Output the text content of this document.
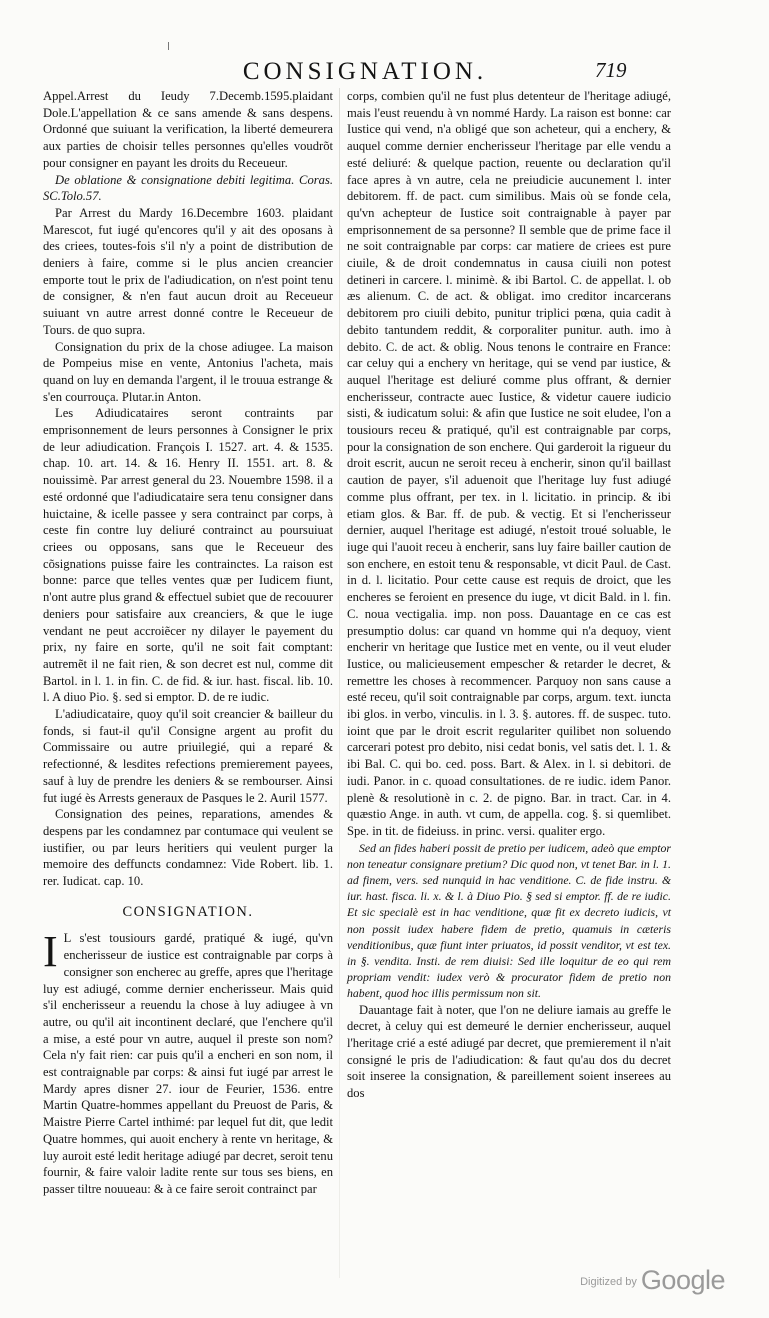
CONSIGNATION.	719

Appel.Arrest du Ieudy 7.Decemb.1595.plaidant Dole.L'appellation & ce sans amende & sans despens. Ordonné que suiuant la verification, la liberté demeurera aux parties de choisir telles personnes qu'elles voudrõt pour consigner en payant les droits du Receueur.

De oblatione & consignatione debiti legitima. Coras. SC.Tolo.57.

Par Arrest du Mardy 16.Decembre 1603. plaidant Marescot, fut iugé qu'encores qu'il y ait des oposans à des criees, toutes-fois s'il n'y a point de distribution de deniers à faire, comme si le plus ancien creancier emporte tout le prix de l'adiudication, on n'est point tenu de consigner, & n'en faut aucun droit au Receueur suiuant vn autre arrest donné contre le Receueur de Tours. de quo supra.

Consignation du prix de la chose adiugee. La maison de Pompeius mise en vente, Antonius l'acheta, mais quand on luy en demanda l'argent, il le trouua estrange & s'en courrouça. Plutar.in Anton.

Les Adiudicataires seront contraints par emprisonnement de leurs personnes à Consigner le prix de leur adiudication. François I. 1527. art. 4. & 1535. chap. 10. art. 14. & 16. Henry II. 1551. art. 8. & nouissimè. Par arrest general du 23. Nouembre 1598. il a esté ordonné que l'adiudicataire sera tenu consigner dans huictaine, & icelle passee y sera contrainct par corps, à ceste fin contre luy deliuré contrainct au poursuiuat criees ou opposans, sans que le Receueur des cõsignations puisse faire les contrainctes. La raison est bonne: parce que telles ventes quæ per Iudicem fiunt, n'ont autre plus grand & effectuel subiet que de recouurer deniers pour satisfaire aux creanciers, & que le iuge vendant ne peut accroiẽcer ny dilayer le payement du prix, ny faire en sorte, qu'il ne soit fait comptant: autremẽt il ne fait rien, & son decret est nul, comme dit Bartol. in l. 1. in fin. C. de fid. & iur. hast. fiscal. lib. 10. l. A diuo Pio. §. sed si emptor. D. de re iudic.

L'adiudicataire, quoy qu'il soit creancier & bailleur du fonds, si faut-il qu'il Consigne argent au profit du Commissaire ou autre priuilegié, qui a reparé & refectionné, & lesdites refections premierement payees, sauf à luy de prendre les deniers & se rembourser. Ainsi fut iugé ès Arrests generaux de Pasques le 2. Auril 1577.

Consignation des peines, reparations, amendes & despens par les condamnez par contumace qui veulent se iustifier, ou par leurs heritiers qui veulent purger la memoire des deffuncts condamnez: Vide Robert. lib. 1. rer. Iudicat. cap. 10.

CONSIGNATION.

I L s'est tousiours gardé, pratiqué & iugé, qu'vn encherisseur de iustice est contraignable par corps à consigner son encherec au greffe, apres que l'heritage luy est adiugé, comme dernier encherisseur. Mais quid s'il encherisseur a reuendu la chose à luy adiugee à vn autre, ou qu'il ait incontinent declaré, que l'enchere qu'il a mise, a esté pour vn autre, auquel il preste son nom? Cela n'y fait rien: car puis qu'il a encheri en son nom, il est contraignable par corps: & ainsi fut iugé par arrest le Mardy apres disner 27. iour de Feurier, 1536. entre Martin Quatre-hommes appellant du Preuost de Paris, & Maistre Pierre Cartel inthimé: par lequel fut dit, que ledit Quatre hommes, qui auoit enchery à rente vn heritage, & luy auroit esté ledit heritage adiugé par decret, seroit tenu fournir, & faire valoir ladite rente sur tous ses biens, en passer tiltre nouueau: & à ce faire seroit contrainct par

corps, combien qu'il ne fust plus detenteur de l'heritage adiugé, mais l'eust reuendu à vn nommé Hardy. La raison est bonne: car Iustice qui vend, n'a obligé que son acheteur, qui a enchery, & auquel comme dernier encherisseur l'heritage par elle vendu a esté deliuré: & quelque paction, reuente ou declaration qu'il face apres à vn autre, cela ne preiudicie aucunement l. inter debitorem. ff. de pact. cum similibus. Mais où se fonde cela, qu'vn achepteur de Iustice soit contraignable à payer par emprisonnement de sa personne? Il semble que de prime face il ne soit contraignable par corps: car matiere de criees est pure ciuile, & de droit condemnatus in causa ciuili non potest detineri in carcere. l. minimè. & ibi Bartol. C. de appellat. l. ob æs alienum. C. de act. & obligat. imo creditor incarcerans debitorem pro ciuili debito, punitur triplici pœna, quia cadit à debito tantundem reddit, & corporaliter punitur. auth. imo à debito. C. de act. & oblig. Nous tenons le contraire en France: car celuy qui a enchery vn heritage, qui se vend par iustice, & auquel l'heritage est deliuré comme plus offrant, & dernier encherisseur, contracte auec Iustice, & videtur cauere iudicio sisti, & iudicatum solui: & afin que Iustice ne soit eludee, l'on a tousiours receu & pratiqué, qu'il est contraignable par corps, pour la consignation de son enchere. Qui garderoit la rigueur du droit escrit, aucun ne seroit receu à encherir, sinon qu'il baillast caution de payer, s'il aduenoit que l'heritage luy fust adiugé comme plus offrant, per tex. in l. licitatio. in princip. & ibi etiam glos. & Bar. ff. de pub. & vectig. Et si l'encherisseur dernier, auquel l'heritage est adiugé, n'estoit troué soluable, le iuge qui l'auoit receu à encherir, sans luy faire bailler caution de son enchere, en estoit tenu & responsable, vt dicit Paul. de Cast. in d. l. licitatio. Pour cette cause est requis de droict, que les encheres se feroient en presence du iuge, vt dicit Bald. in l. fin. C. noua vectigalia. imp. non poss. Dauantage en ce cas est presumptio dolus: car quand vn homme qui n'a dequoy, vient encherir vn heritage que Iustice met en vente, ou il veut eluder Iustice, ou malicieusement empescher & retarder le decret, & remettre les choses à recommencer. Parquoy non sans cause a esté receu, qu'il soit contraignable par corps, argum. text. iuncta ibi glos. in verbo, vinculis. in l. 3. §. autores. ff. de suspec. tuto. ioint que par le droit escrit regulariter quilibet non soluendo carcerari potest pro debito, nisi cedat bonis, vel satis det. l. 1. & ibi Bal. C. qui bo. ced. poss. Bart. & Alex. in l. si debitori. de iudi. Panor. in c. quoad consultationes. de re iudic. idem Panor. plenè & resolutionè in c. 2. de pigno. Bar. in tract. Car. in 4. quæstio Ange. in auth. vt cum, de appella. cog. §. si quemlibet. Spe. in tit. de fideiuss. in princ. versi. qualiter ergo.

Sed an fides haberi possit de pretio per iudicem, adeò que emptor non teneatur consignare pretium? Dic quod non, vt tenet Bar. in l. 1. ad finem, vers. sed nunquid in hac venditione. C. de fide instru. & iur. hast. fisca. li. x. & l. à Diuo Pio. § sed si emptor. ff. de re iudic. Et sic specialè est in hac venditione, quæ fit ex decreto iudicis, vt non possit iudex habere fidem de pretio, quamuis in cæteris venditionibus, quæ fiunt inter priuatos, id possit venditor, vt est tex. in §. vendita. Insti. de rem diuisi: Sed ille loquitur de eo qui rem propriam vendit: iudex verò & procurator fidem de pretio non habent, quod hoc illis permissum non sit.

Dauantage fait à noter, que l'on ne deliure iamais au greffe le decret, à celuy qui est demeuré le dernier encherisseur, auquel l'heritage crié a esté adiugé par decret, que premierement il n'ait consigné le pris de l'adiudication: & faut qu'au dos du decret soit inseree la consignation, & pareillement soient inserees au dos

$^{Digitized by}$ Google
